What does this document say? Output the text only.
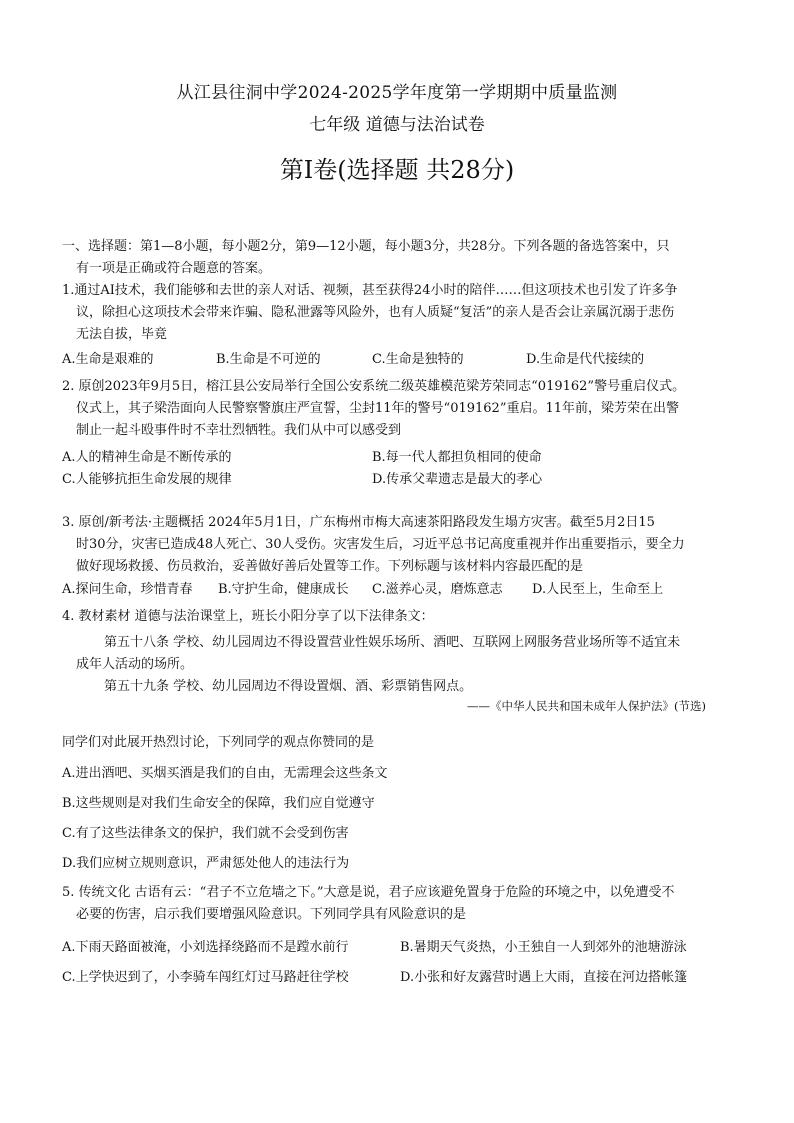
从江县往洞中学2024-2025学年度第一学期期中质量监测
七年级 道德与法治试卷
第Ⅰ卷(选择题 共28分)
一、选择题：第1—8小题，每小题2分，第9—12小题，每小题3分，共28分。下列各题的备选答案中，只
有一项是正确或符合题意的答案。
1.通过AI技术，我们能够和去世的亲人对话、视频，甚至获得24小时的陪伴……但这项技术也引发了许多争
议，除担心这项技术会带来诈骗、隐私泄露等风险外，也有人质疑“复活”的亲人是否会让亲属沉溺于悲伤
无法自拔，毕竟
A.生命是艰难的	B.生命是不可逆的	C.生命是独特的	D.生命是代代接续的
2. 原创2023年9月5日，榕江县公安局举行全国公安系统二级英雄模范梁芳荣同志“019162”警号重启仪式。
仪式上，其子梁浩面向人民警察警旗庄严宣誓，尘封11年的警号“019162”重启。11年前，梁芳荣在出警
制止一起斗殴事件时不幸壮烈牺牲。我们从中可以感受到
A.人的精神生命是不断传承的	B.每一代人都担负相同的使命
C.人能够抗拒生命发展的规律	D.传承父辈遗志是最大的孝心
3. 原创/新考法·主题概括 2024年5月1日，广东梅州市梅大高速茶阳路段发生塌方灾害。截至5月2日15
时30分，灾害已造成48人死亡、30人受伤。灾害发生后，习近平总书记高度重视并作出重要指示，要全力
做好现场救援、伤员救治，妥善做好善后处置等工作。下列标题与该材料内容最匹配的是
A.探问生命，珍惜青春 B.守护生命，健康成长 C.滋养心灵，磨炼意志 D.人民至上，生命至上
4. 教材素材 道德与法治课堂上，班长小阳分享了以下法律条文：
第五十八条 学校、幼儿园周边不得设置营业性娱乐场所、酒吧、互联网上网服务营业场所等不适宜未
成年人活动的场所。
第五十九条 学校、幼儿园周边不得设置烟、酒、彩票销售网点。
——《中华人民共和国未成年人保护法》(节选)
同学们对此展开热烈讨论，下列同学的观点你赞同的是
A.进出酒吧、买烟买酒是我们的自由，无需理会这些条文
B.这些规则是对我们生命安全的保障，我们应自觉遵守
C.有了这些法律条文的保护，我们就不会受到伤害
D.我们应树立规则意识，严肃惩处他人的违法行为
5. 传统文化 古语有云：“君子不立危墙之下。”大意是说，君子应该避免置身于危险的环境之中，以免遭受不
必要的伤害，启示我们要增强风险意识。下列同学具有风险意识的是
A.下雨天路面被淹，小刘选择绕路而不是蹚水前行	B.暑期天气炎热，小王独自一人到郊外的池塘游泳
C.上学快迟到了，小李骑车闯红灯过马路赶往学校	D.小张和好友露营时遇上大雨，直接在河边搭帐篷
